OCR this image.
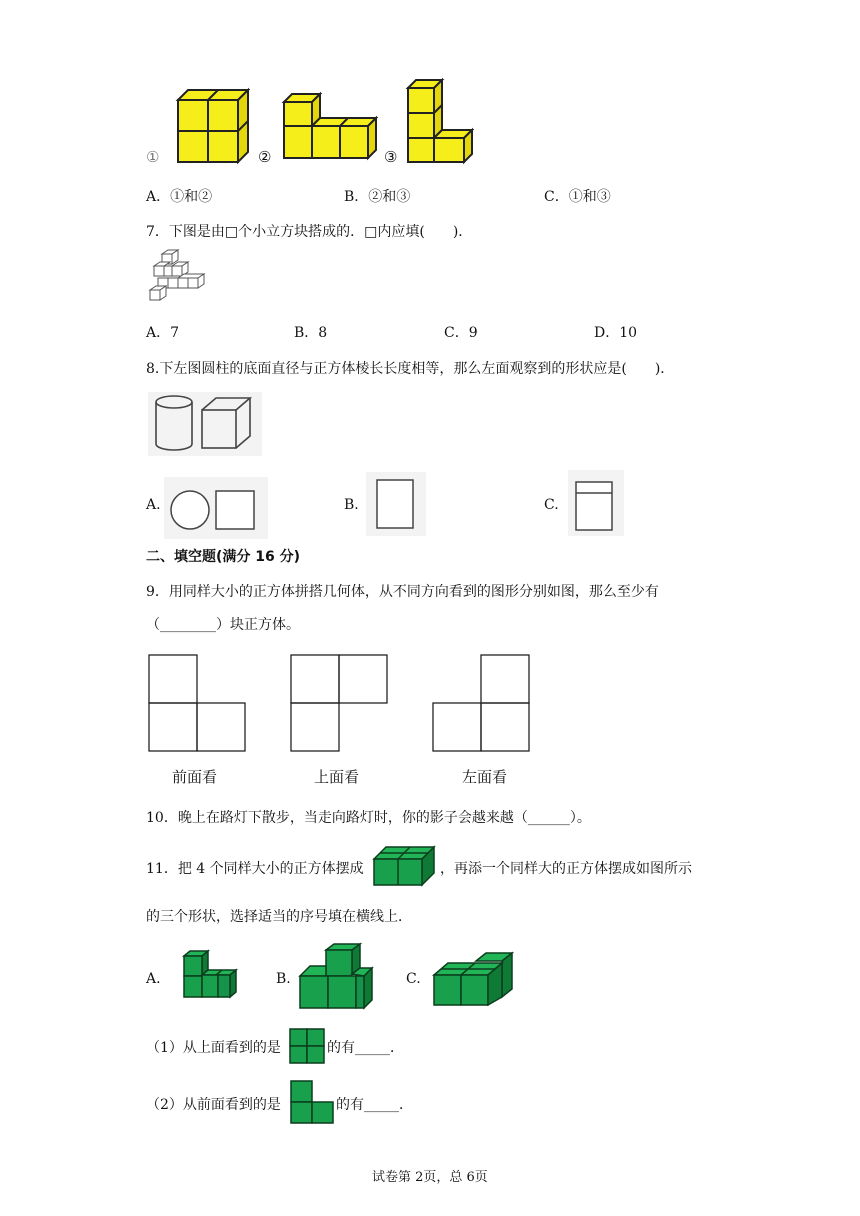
①	②	③
A．①和②	B．②和③	C．①和③
7．下图是由□个小立方块搭成的．□内应填(　　)．
A．7	B．8	C．9	D．10
8.下左图圆柱的底面直径与正方体棱长长度相等，那么左面观察到的形状应是(　　)．
A.	B.	C.
二、填空题(满分 16 分)
9．用同样大小的正方体拼搭几何体，从不同方向看到的图形分别如图，那么至少有
（________）块正方体。
前面看	上面看	左面看
10．晚上在路灯下散步，当走向路灯时，你的影子会越来越（______）。
11．把 4 个同样大小的正方体摆成	，再添一个同样大的正方体摆成如图所示
的三个形状，选择适当的序号填在横线上．
A.	B.	C.
（1）从上面看到的是	的有_____．
（2）从前面看到的是	的有_____．
试卷第 2页，总 6页
